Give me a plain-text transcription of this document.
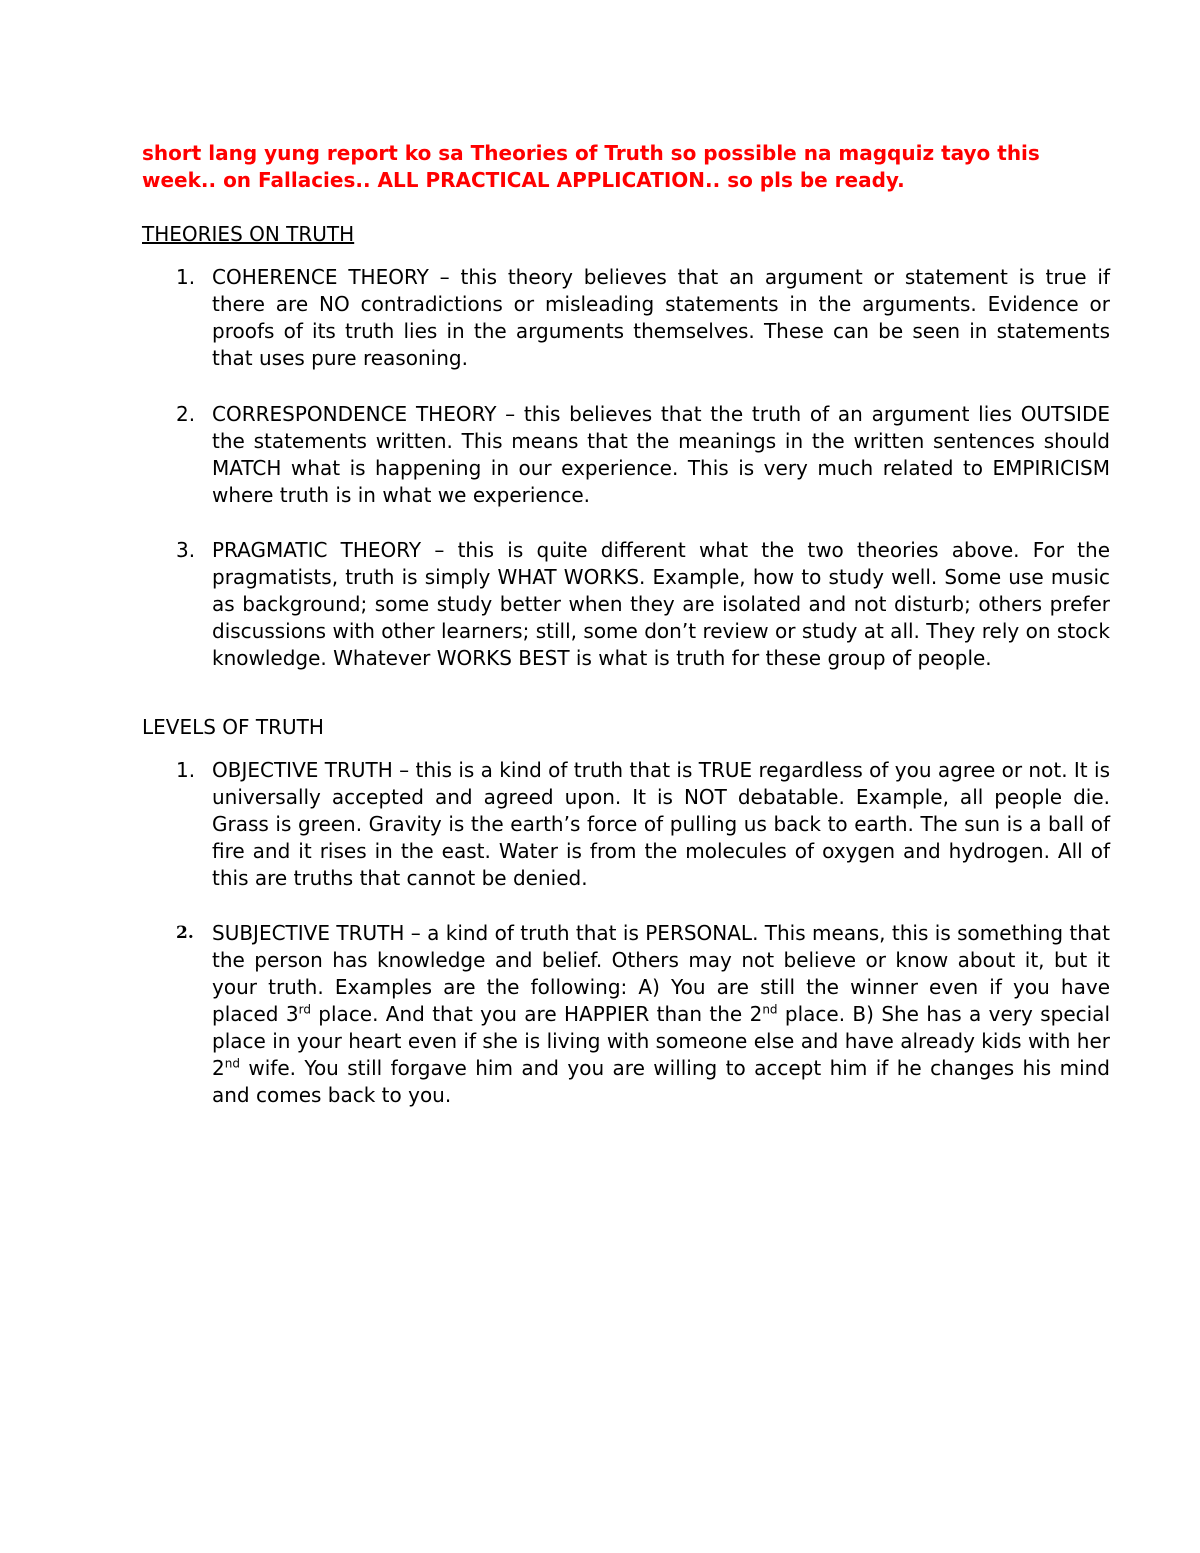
short lang yung report ko sa Theories of Truth so possible na magquiz tayo this
week.. on Fallacies.. ALL PRACTICAL APPLICATION.. so pls be ready.

THEORIES ON TRUTH

1. COHERENCE THEORY – this theory believes that an argument or statement is true if there are NO contradictions or misleading statements in the arguments. Evidence or proofs of its truth lies in the arguments themselves. These can be seen in statements that uses pure reasoning.
2. CORRESPONDENCE THEORY – this believes that the truth of an argument lies OUTSIDE the statements written. This means that the meanings in the written sentences should MATCH what is happening in our experience. This is very much related to EMPIRICISM where truth is in what we experience.
3. PRAGMATIC THEORY – this is quite different what the two theories above. For the pragmatists, truth is simply WHAT WORKS. Example, how to study well. Some use music as background; some study better when they are isolated and not disturb; others prefer discussions with other learners; still, some don’t review or study at all. They rely on stock knowledge. Whatever WORKS BEST is what is truth for these group of people.

LEVELS OF TRUTH

1. OBJECTIVE TRUTH – this is a kind of truth that is TRUE regardless of you agree or not. It is universally accepted and agreed upon. It is NOT debatable. Example, all people die. Grass is green. Gravity is the earth’s force of pulling us back to earth. The sun is a ball of fire and it rises in the east. Water is from the molecules of oxygen and hydrogen. All of this are truths that cannot be denied.
2. SUBJECTIVE TRUTH – a kind of truth that is PERSONAL. This means, this is something that the person has knowledge and belief. Others may not believe or know about it, but it your truth. Examples are the following: A) You are still the winner even if you have placed 3rd place. And that you are HAPPIER than the 2nd place. B) She has a very special place in your heart even if she is living with someone else and have already kids with her 2nd wife. You still forgave him and you are willing to accept him if he changes his mind and comes back to you.
